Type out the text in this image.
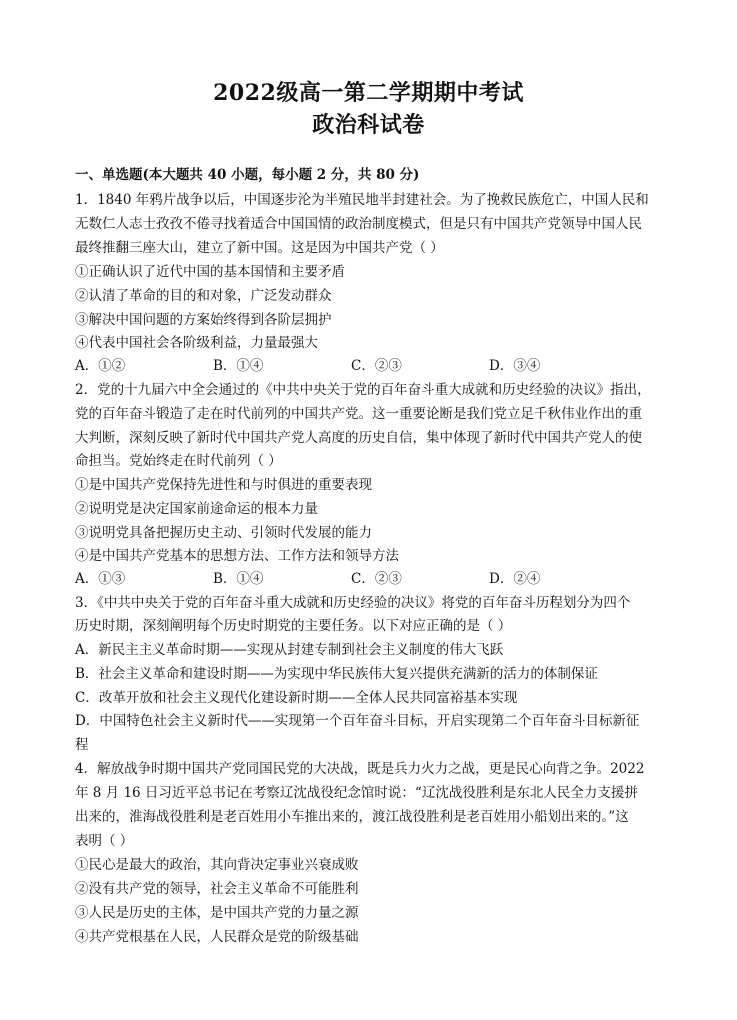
2022级高一第二学期期中考试
政治科试卷
一、单选题(本大题共 40 小题，每小题 2 分，共 80 分)
1．1840 年鸦片战争以后，中国逐步沦为半殖民地半封建社会。为了挽救民族危亡，中国人民和
无数仁人志士孜孜不倦寻找着适合中国国情的政治制度模式，但是只有中国共产党领导中国人民
最终推翻三座大山，建立了新中国。这是因为中国共产党（ ）
①正确认识了近代中国的基本国情和主要矛盾
②认清了革命的目的和对象，广泛发动群众
③解决中国问题的方案始终得到各阶层拥护
④代表中国社会各阶级利益，力量最强大
A．①②	B．①④	C．②③	D．③④
2．党的十九届六中全会通过的《中共中央关于党的百年奋斗重大成就和历史经验的决议》指出，
党的百年奋斗锻造了走在时代前列的中国共产党。这一重要论断是我们党立足千秋伟业作出的重
大判断，深刻反映了新时代中国共产党人高度的历史自信，集中体现了新时代中国共产党人的使
命担当。党始终走在时代前列（ ）
①是中国共产党保持先进性和与时俱进的重要表现
②说明党是决定国家前途命运的根本力量
③说明党具备把握历史主动、引领时代发展的能力
④是中国共产党基本的思想方法、工作方法和领导方法
A．①③	B．①④	C．②③	D．②④
3．《中共中央关于党的百年奋斗重大成就和历史经验的决议》将党的百年奋斗历程划分为四个
历史时期，深刻阐明每个历史时期党的主要任务。以下对应正确的是（ ）
A．新民主主义革命时期——实现从封建专制到社会主义制度的伟大飞跃
B．社会主义革命和建设时期——为实现中华民族伟大复兴提供充满新的活力的体制保证
C．改革开放和社会主义现代化建设新时期——全体人民共同富裕基本实现
D．中国特色社会主义新时代——实现第一个百年奋斗目标，开启实现第二个百年奋斗目标新征
程
4．解放战争时期中国共产党同国民党的大决战，既是兵力火力之战，更是民心向背之争。2022
年 8 月 16 日习近平总书记在考察辽沈战役纪念馆时说：“辽沈战役胜利是东北人民全力支援拼
出来的，淮海战役胜利是老百姓用小车推出来的，渡江战役胜利是老百姓用小船划出来的。”这
表明（ ）
①民心是最大的政治，其向背决定事业兴衰成败
②没有共产党的领导，社会主义革命不可能胜利
③人民是历史的主体，是中国共产党的力量之源
④共产党根基在人民，人民群众是党的阶级基础
